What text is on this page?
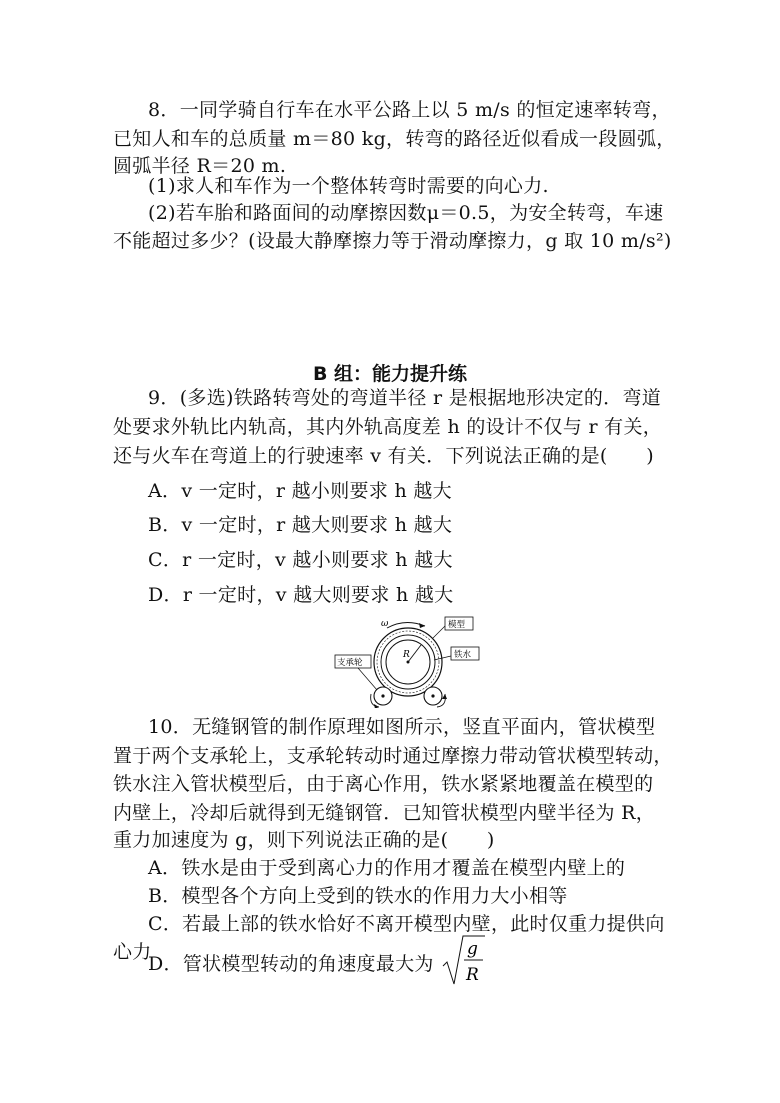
8．一同学骑自行车在水平公路上以 5 m/s 的恒定速率转弯，
已知人和车的总质量 m＝80 kg，转弯的路径近似看成一段圆弧，
圆弧半径 R＝20 m.
(1)求人和车作为一个整体转弯时需要的向心力.
(2)若车胎和路面间的动摩擦因数μ＝0.5，为安全转弯，车速
不能超过多少？(设最大静摩擦力等于滑动摩擦力，g 取 10 m/s²)
B 组：能力提升练
9．(多选)铁路转弯处的弯道半径 r 是根据地形决定的．弯道
处要求外轨比内轨高，其内外轨高度差 h 的设计不仅与 r 有关，
还与火车在弯道上的行驶速率 v 有关．下列说法正确的是(　　)
A．v 一定时，r 越小则要求 h 越大
B．v 一定时，r 越大则要求 h 越大
C．r 一定时，v 越小则要求 h 越大
D．r 一定时，v 越大则要求 h 越大
ω
R
模型
铁水
支承轮
10．无缝钢管的制作原理如图所示，竖直平面内，管状模型
置于两个支承轮上，支承轮转动时通过摩擦力带动管状模型转动，
铁水注入管状模型后，由于离心作用，铁水紧紧地覆盖在模型的
内壁上，冷却后就得到无缝钢管．已知管状模型内壁半径为 R，
重力加速度为 g，则下列说法正确的是(　　)
A．铁水是由于受到离心力的作用才覆盖在模型内壁上的
B．模型各个方向上受到的铁水的作用力大小相等
C．若最上部的铁水恰好不离开模型内壁，此时仅重力提供向
心力
D．管状模型转动的角速度最大为
g
R
